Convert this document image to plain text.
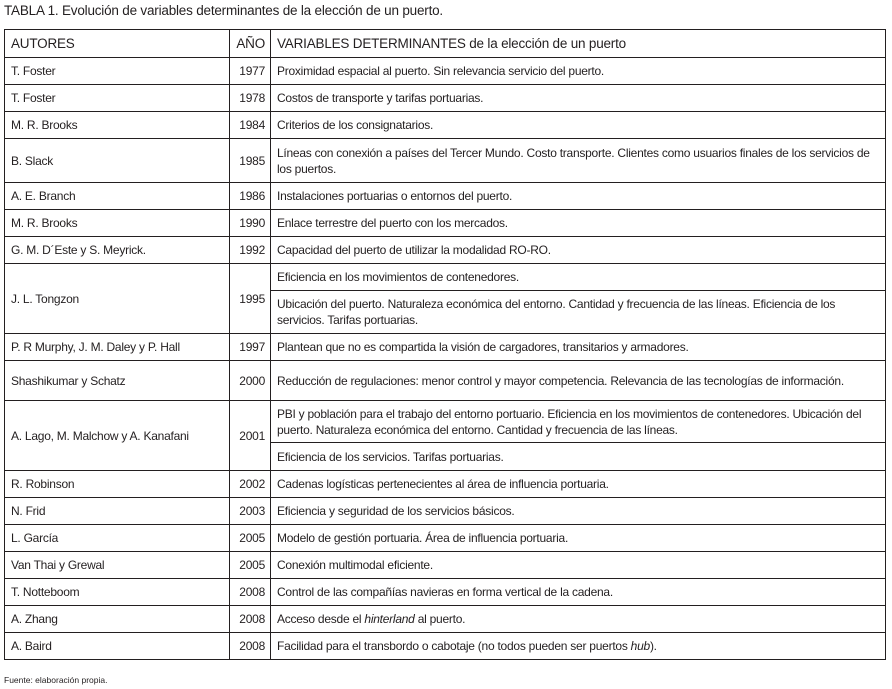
TABLA 1. Evolución de variables determinantes de la elección de un puerto.
AUTORES	AÑO	VARIABLES DETERMINANTES de la elección de un puerto
T. Foster	1977	Proximidad espacial al puerto. Sin relevancia servicio del puerto.
T. Foster	1978	Costos de transporte y tarifas portuarias.
M. R. Brooks	1984	Criterios de los consignatarios.
B. Slack	1985	Líneas con conexión a países del Tercer Mundo. Costo transporte. Clientes como usuarios finales de los servicios de los puertos.
A. E. Branch	1986	Instalaciones portuarias o entornos del puerto.
M. R. Brooks	1990	Enlace terrestre del puerto con los mercados.
G. M. D´Este y S. Meyrick.	1992	Capacidad del puerto de utilizar la modalidad RO-RO.
J. L. Tongzon	1995	Eficiencia en los movimientos de contenedores.
		Ubicación del puerto. Naturaleza económica del entorno. Cantidad y frecuencia de las líneas. Eficiencia de los servicios. Tarifas portuarias.
P. R Murphy, J. M. Daley y P. Hall	1997	Plantean que no es compartida la visión de cargadores, transitarios y armadores.
Shashikumar y Schatz	2000	Reducción de regulaciones: menor control y mayor competencia. Relevancia de las tecnologías de información.
A. Lago, M. Malchow y A. Kanafani	2001	PBI y población para el trabajo del entorno portuario. Eficiencia en los movimientos de contenedores. Ubicación del puerto. Naturaleza económica del entorno. Cantidad y frecuencia de las líneas.
		Eficiencia de los servicios. Tarifas portuarias.
R. Robinson	2002	Cadenas logísticas pertenecientes al área de influencia portuaria.
N. Frid	2003	Eficiencia y seguridad de los servicios básicos.
L. García	2005	Modelo de gestión portuaria. Área de influencia portuaria.
Van Thai y Grewal	2005	Conexión multimodal eficiente.
T. Notteboom	2008	Control de las compañías navieras en forma vertical de la cadena.
A. Zhang	2008	Acceso desde el hinterland al puerto.
A. Baird	2008	Facilidad para el transbordo o cabotaje (no todos pueden ser puertos hub).
Fuente: elaboración propia.
